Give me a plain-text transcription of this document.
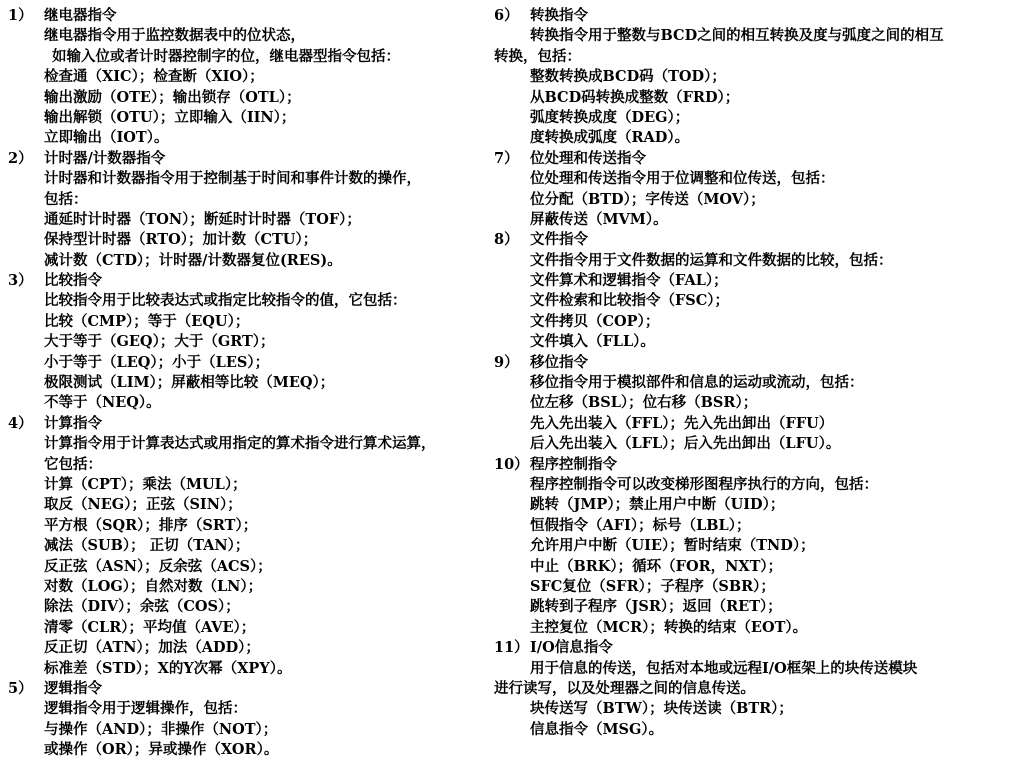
1） 继电器指令
继电器指令用于监控数据表中的位状态，
如输入位或者计时器控制字的位，继电器型指令包括：
检查通（XIC）；检查断（XIO）；
输出激励（OTE）；输出锁存（OTL）；
输出解锁（OTU）；立即输入（IIN）；
立即输出（IOT）。
2） 计时器/计数器指令
计时器和计数器指令用于控制基于时间和事件计数的操作，
包括：
通延时计时器（TON）；断延时计时器（TOF）；
保持型计时器（RTO）；加计数（CTU）；
减计数（CTD）；计时器/计数器复位(RES)。
3） 比较指令
比较指令用于比较表达式或指定比较指令的值，它包括：
比较（CMP）；等于（EQU）；
大于等于（GEQ）；大于（GRT）；
小于等于（LEQ）；小于（LES）；
极限测试（LIM）；屏蔽相等比较（MEQ）；
不等于（NEQ）。
4） 计算指令
计算指令用于计算表达式或用指定的算术指令进行算术运算，
它包括：
计算（CPT）；乘法（MUL）；
取反（NEG）；正弦（SIN）；
平方根（SQR）；排序（SRT）；
减法（SUB）； 正切（TAN）；
反正弦（ASN）；反余弦（ACS）；
对数（LOG）；自然对数（LN）；
除法（DIV）；余弦（COS）；
清零（CLR）；平均值（AVE）；
反正切（ATN）；加法（ADD）；
标准差（STD）；X的Y次幂（XPY）。
5） 逻辑指令
逻辑指令用于逻辑操作，包括：
与操作（AND）；非操作（NOT）；
或操作（OR）；异或操作（XOR）。
6） 转换指令
转换指令用于整数与BCD之间的相互转换及度与弧度之间的相互
转换，包括：
整数转换成BCD码（TOD）；
从BCD码转换成整数（FRD）；
弧度转换成度（DEG）；
度转换成弧度（RAD）。
7） 位处理和传送指令
位处理和传送指令用于位调整和位传送，包括：
位分配（BTD）；字传送（MOV）；
屏蔽传送（MVM）。
8） 文件指令
文件指令用于文件数据的运算和文件数据的比较，包括：
文件算术和逻辑指令（FAL）；
文件检索和比较指令（FSC）；
文件拷贝（COP）；
文件填入（FLL）。
9） 移位指令
移位指令用于模拟部件和信息的运动或流动，包括：
位左移（BSL）；位右移（BSR）；
先入先出装入（FFL）；先入先出卸出（FFU）
后入先出装入（LFL）；后入先出卸出（LFU）。
10）程序控制指令
程序控制指令可以改变梯形图程序执行的方向，包括：
跳转（JMP）；禁止用户中断（UID）；
恒假指令（AFI）；标号（LBL）；
允许用户中断（UIE）；暂时结束（TND）；
中止（BRK）；循环（FOR，NXT）；
SFC复位（SFR）；子程序（SBR）；
跳转到子程序（JSR）；返回（RET）；
主控复位（MCR）；转换的结束（EOT）。
11）I/O信息指令
用于信息的传送，包括对本地或远程I/O框架上的块传送模块
进行读写，以及处理器之间的信息传送。
块传送写（BTW）；块传送读（BTR）；
信息指令（MSG）。
